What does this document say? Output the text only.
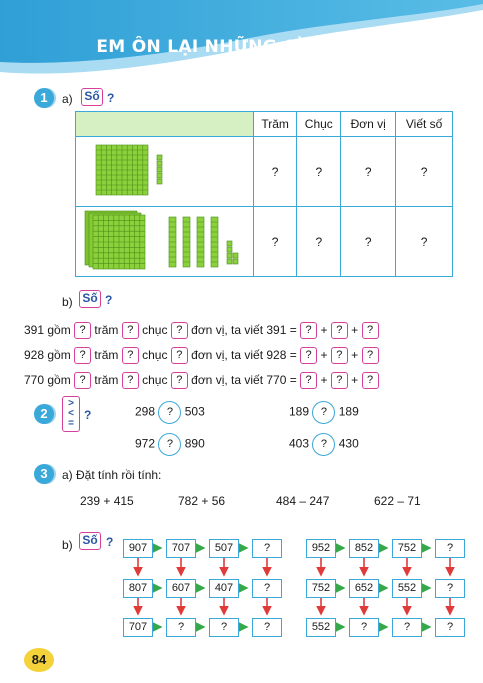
EM ÔN LẠI NHỮNG GÌ ĐÃ HỌC
1	a) Số ?
	Trăm	Chục	Đơn vị	Viết số
	?	?	?	?
	?	?	?	?
b) Số ?
391 gồm ? trăm ? chục ? đơn vị, ta viết 391 = ? + ? + ?
928 gồm ? trăm ? chục ? đơn vị, ta viết 928 = ? + ? + ?
770 gồm ? trăm ? chục ? đơn vị, ta viết 770 = ? + ? + ?
2
>
<
=
?	298 ? 503	189 ? 189
972 ? 890	403 ? 430
3	a) Đặt tính rồi tính:
239 + 415	782 + 56	484 – 247	622 – 71
b) Số ?	907	707	507	?
807	607	407	?
707	?	?	?
952	852	752	?
752	652	552	?
552	?	?	?
84
